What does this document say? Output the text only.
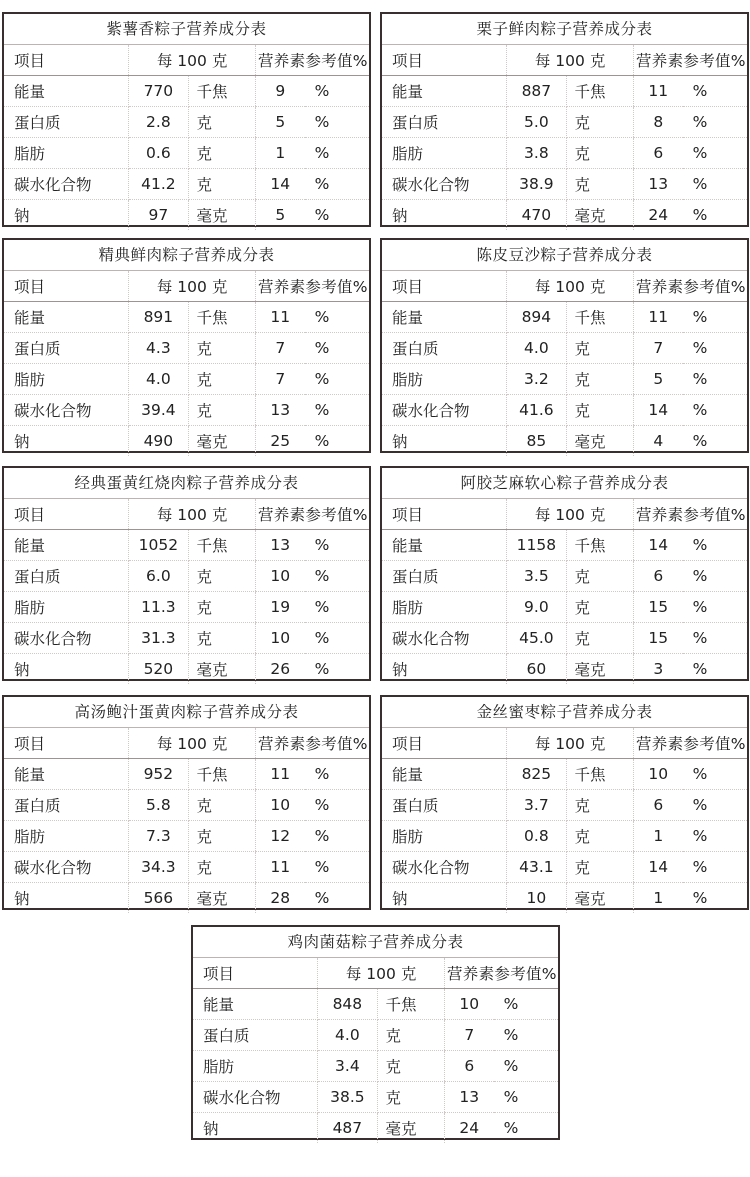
紫薯香粽子营养成分表
项目	每 100 克		营养素参考值%	
能量	770	千焦	9	%
蛋白质	2.8	克	5	%
脂肪	0.6	克	1	%
碳水化合物	41.2	克	14	%
钠	97	毫克	5	%
栗子鲜肉粽子营养成分表
项目	每 100 克		营养素参考值%	
能量	887	千焦	11	%
蛋白质	5.0	克	8	%
脂肪	3.8	克	6	%
碳水化合物	38.9	克	13	%
钠	470	毫克	24	%
精典鲜肉粽子营养成分表
项目	每 100 克		营养素参考值%	
能量	891	千焦	11	%
蛋白质	4.3	克	7	%
脂肪	4.0	克	7	%
碳水化合物	39.4	克	13	%
钠	490	毫克	25	%
陈皮豆沙粽子营养成分表
项目	每 100 克		营养素参考值%	
能量	894	千焦	11	%
蛋白质	4.0	克	7	%
脂肪	3.2	克	5	%
碳水化合物	41.6	克	14	%
钠	85	毫克	4	%
经典蛋黄红烧肉粽子营养成分表
项目	每 100 克		营养素参考值%	
能量	1052	千焦	13	%
蛋白质	6.0	克	10	%
脂肪	11.3	克	19	%
碳水化合物	31.3	克	10	%
钠	520	毫克	26	%
阿胶芝麻软心粽子营养成分表
项目	每 100 克		营养素参考值%	
能量	1158	千焦	14	%
蛋白质	3.5	克	6	%
脂肪	9.0	克	15	%
碳水化合物	45.0	克	15	%
钠	60	毫克	3	%
高汤鲍汁蛋黄肉粽子营养成分表
项目	每 100 克		营养素参考值%	
能量	952	千焦	11	%
蛋白质	5.8	克	10	%
脂肪	7.3	克	12	%
碳水化合物	34.3	克	11	%
钠	566	毫克	28	%
金丝蜜枣粽子营养成分表
项目	每 100 克		营养素参考值%	
能量	825	千焦	10	%
蛋白质	3.7	克	6	%
脂肪	0.8	克	1	%
碳水化合物	43.1	克	14	%
钠	10	毫克	1	%
鸡肉菌菇粽子营养成分表
项目	每 100 克		营养素参考值%	
能量	848	千焦	10	%
蛋白质	4.0	克	7	%
脂肪	3.4	克	6	%
碳水化合物	38.5	克	13	%
钠	487	毫克	24	%
